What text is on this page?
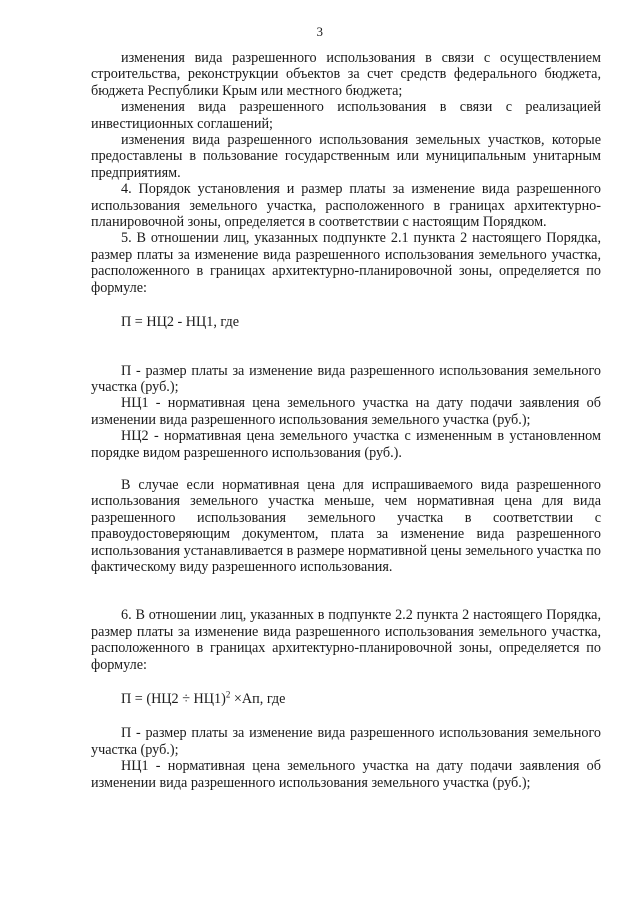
3

изменения вида разрешенного использования в связи с осуществлением строительства, реконструкции объектов за счет средств федерального бюджета, бюджета Республики Крым или местного бюджета;

изменения вида разрешенного использования в связи с реализацией инвестиционных соглашений;

изменения вида разрешенного использования земельных участков, которые предоставлены в пользование государственным или муниципальным унитарным предприятиям.

4. Порядок установления и размер платы за изменение вида разрешенного использования земельного участка, расположенного в границах архитектурно-планировочной зоны, определяется в соответствии с настоящим Порядком.

5. В отношении лиц, указанных подпункте 2.1 пункта 2 настоящего Порядка, размер платы за изменение вида разрешенного использования земельного участка, расположенного в границах архитектурно-планировочной зоны, определяется по формуле:

П = НЦ2 - НЦ1, где

П - размер платы за изменение вида разрешенного использования земельного участка (руб.);

НЦ1 - нормативная цена земельного участка на дату подачи заявления об изменении вида разрешенного использования земельного участка (руб.);

НЦ2 - нормативная цена земельного участка с измененным в установленном порядке видом разрешенного использования (руб.).

В случае если нормативная цена для испрашиваемого вида разрешенного использования земельного участка меньше, чем нормативная цена для вида разрешенного использования земельного участка в соответствии с правоудостоверяющим документом, плата за изменение вида разрешенного использования устанавливается в размере нормативной цены земельного участка по фактическому виду разрешенного использования.

6. В отношении лиц, указанных в подпункте 2.2 пункта 2 настоящего Порядка, размер платы за изменение вида разрешенного использования земельного участка, расположенного в границах архитектурно-планировочной зоны, определяется по формуле:

$П = (НЦ2 \div НЦ1)^2 \times Ап$, где

П - размер платы за изменение вида разрешенного использования земельного участка (руб.);

НЦ1 - нормативная цена земельного участка на дату подачи заявления об изменении вида разрешенного использования земельного участка (руб.);
